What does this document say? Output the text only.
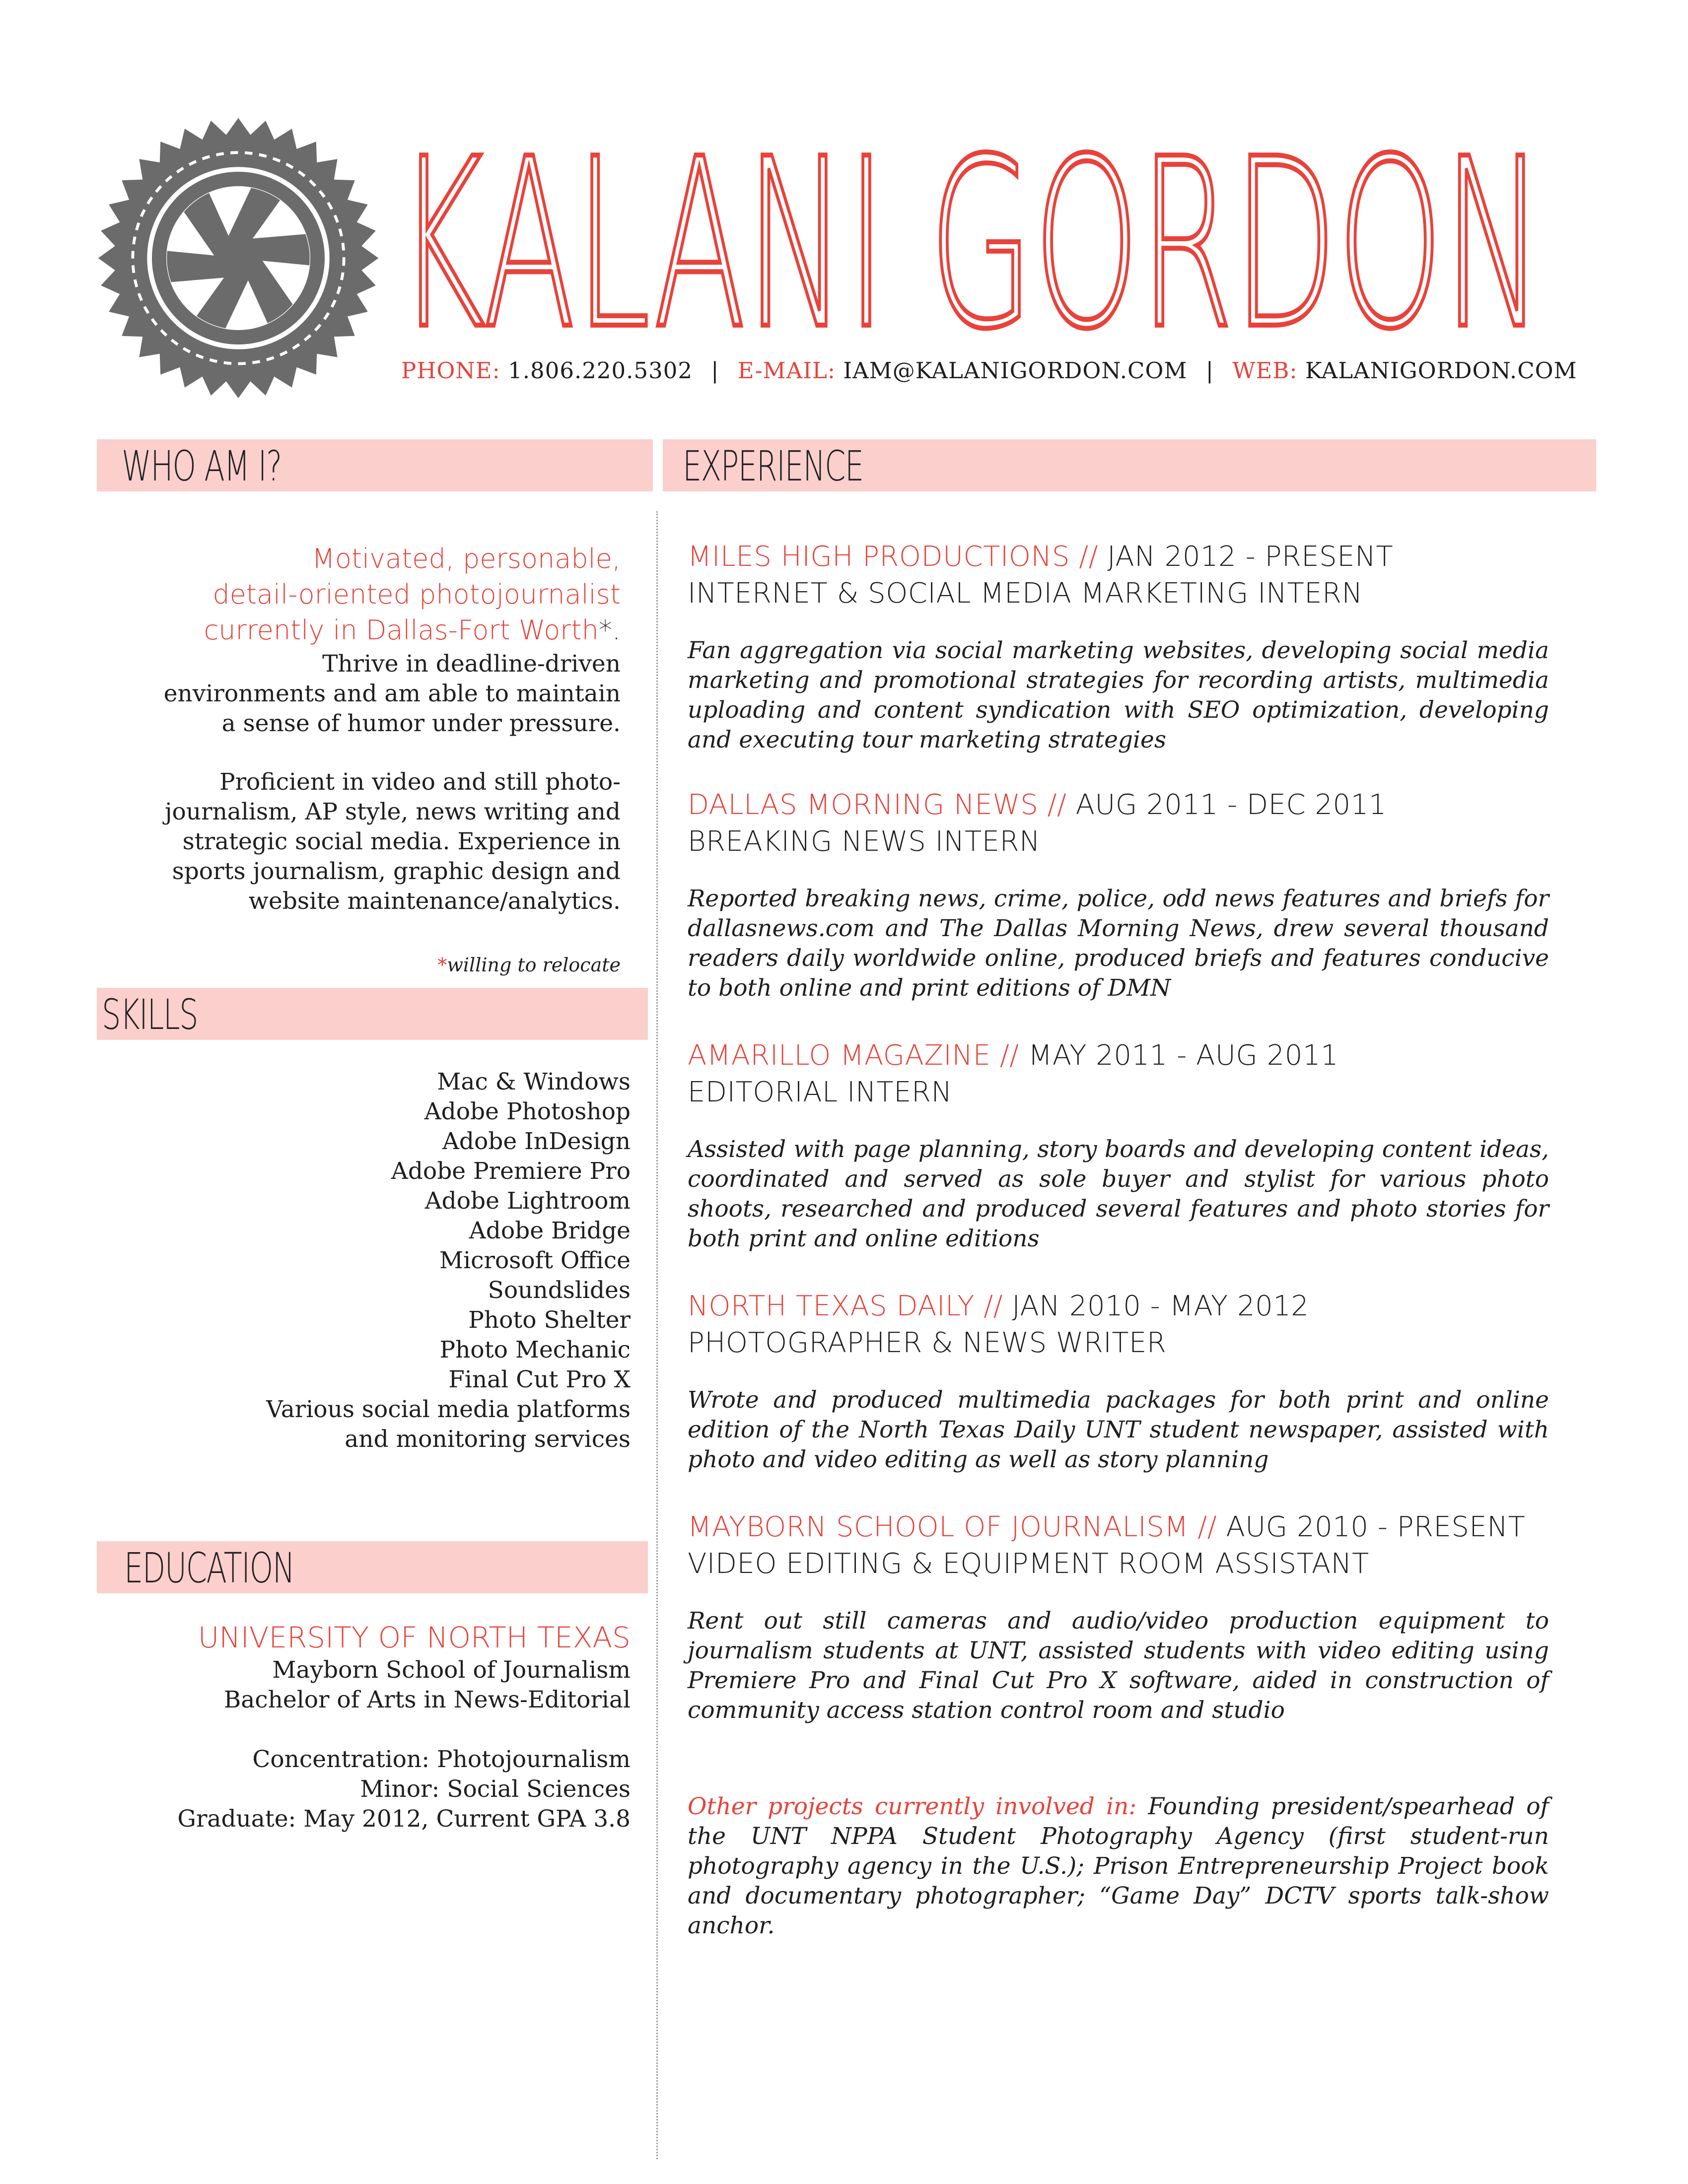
KALANI GORDON
PHONE: 1.806.220.5302 | E-MAIL: IAM@KALANIGORDON.COM | WEB: KALANIGORDON.COM
WHO AM I?	EXPERIENCE
SKILLS
EDUCATION
Motivated, personable,
detail-oriented photojournalist
currently in Dallas-Fort Worth*.
Thrive in deadline-driven
environments and am able to maintain
a sense of humor under pressure.
Proficient in video and still photo-
journalism, AP style, news writing and
strategic social media. Experience in
sports journalism, graphic design and
website maintenance/analytics.
*willing to relocate
Mac & Windows
Adobe Photoshop
Adobe InDesign
Adobe Premiere Pro
Adobe Lightroom
Adobe Bridge
Microsoft Office
Soundslides
Photo Shelter
Photo Mechanic
Final Cut Pro X
Various social media platforms
and monitoring services
UNIVERSITY OF NORTH TEXAS
Mayborn School of Journalism
Bachelor of Arts in News-Editorial
Concentration: Photojournalism
Minor: Social Sciences
Graduate: May 2012, Current GPA 3.8
MILES HIGH PRODUCTIONS // JAN 2012 - PRESENT
INTERNET & SOCIAL MEDIA MARKETING INTERN
Fan aggregation via social marketing websites, developing social media marketing and promotional strategies for recording artists, multimedia uploading and content syndication with SEO optimization, developing and executing tour marketing strategies
DALLAS MORNING NEWS // AUG 2011 - DEC 2011
BREAKING NEWS INTERN
Reported breaking news, crime, police, odd news features and briefs for dallasnews.com and The Dallas Morning News, drew several thousand readers daily worldwide online, produced briefs and features conducive to both online and print editions of DMN
AMARILLO MAGAZINE // MAY 2011 - AUG 2011
EDITORIAL INTERN
Assisted with page planning, story boards and developing content ideas, coordinated and served as sole buyer and stylist for various photo shoots, researched and produced several features and photo stories for both print and online editions
NORTH TEXAS DAILY // JAN 2010 - MAY 2012
PHOTOGRAPHER & NEWS WRITER
Wrote and produced multimedia packages for both print and online edition of the North Texas Daily UNT student newspaper, assisted with photo and video editing as well as story planning
MAYBORN SCHOOL OF JOURNALISM // AUG 2010 - PRESENT
VIDEO EDITING & EQUIPMENT ROOM ASSISTANT
Rent out still cameras and audio/video production equipment to journalism students at UNT, assisted students with video editing using Premiere Pro and Final Cut Pro X software, aided in construction of community access station control room and studio
Other projects currently involved in: Founding president/spearhead of the UNT NPPA Student Photography Agency (first student-run photography agency in the U.S.); Prison Entrepreneurship Project book and documentary photographer; “Game Day” DCTV sports talk-show anchor.
